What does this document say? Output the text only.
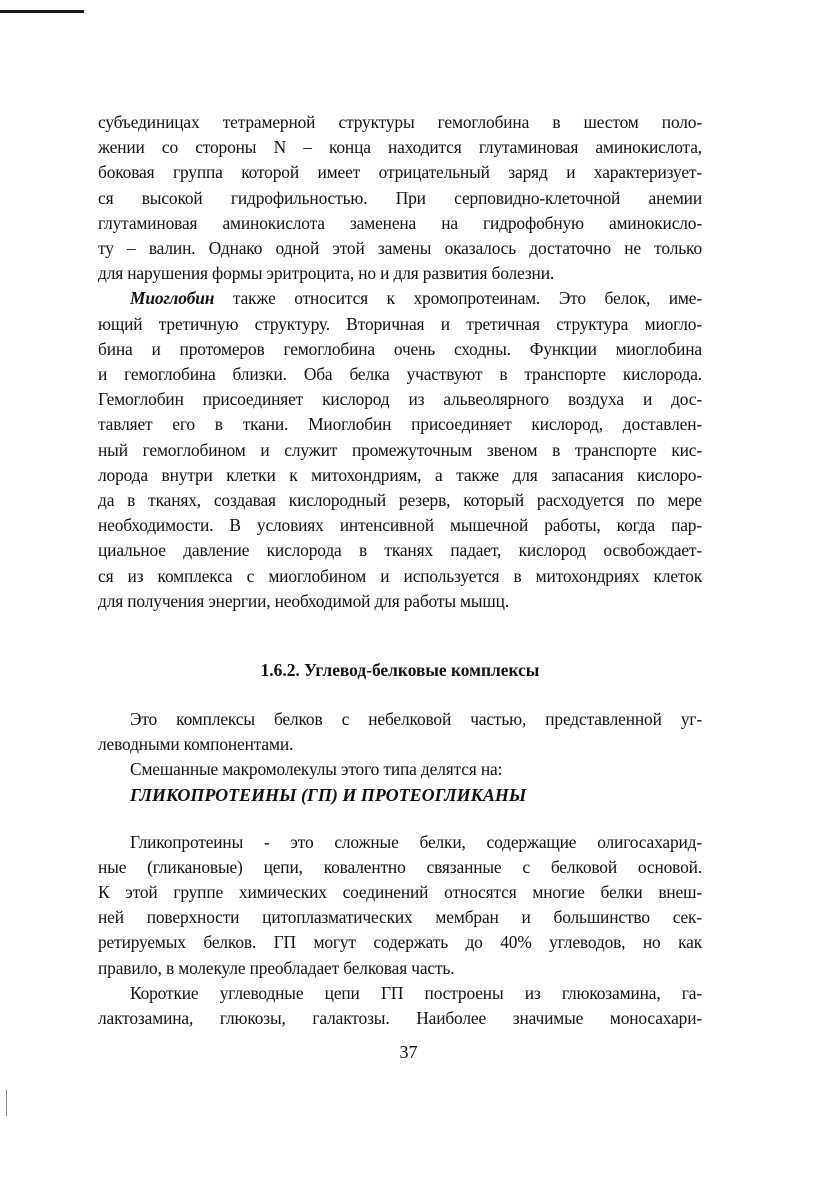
субъединицах тетрамерной структуры гемоглобина в шестом поло-
жении со стороны N – конца находится глутаминовая аминокислота,
боковая группа которой имеет отрицательный заряд и характеризует-
ся высокой гидрофильностью. При серповидно-клеточной анемии
глутаминовая аминокислота заменена на гидрофобную аминокисло-
ту – валин. Однако одной этой замены оказалось достаточно не только
для нарушения формы эритроцита, но и для развития болезни.
Миоглобин также относится к хромопротеинам. Это белок, име-
ющий третичную структуру. Вторичная и третичная структура миогло-
бина и протомеров гемоглобина очень сходны. Функции миоглобина
и гемоглобина близки. Оба белка участвуют в транспорте кислорода.
Гемоглобин присоединяет кислород из альвеолярного воздуха и дос-
тавляет его в ткани. Миоглобин присоединяет кислород, доставлен-
ный гемоглобином и служит промежуточным звеном в транспорте кис-
лорода внутри клетки к митохондриям, а также для запасания кислоро-
да в тканях, создавая кислородный резерв, который расходуется по мере
необходимости. В условиях интенсивной мышечной работы, когда пар-
циальное давление кислорода в тканях падает, кислород освобождает-
ся из комплекса с миоглобином и используется в митохондриях клеток
для получения энергии, необходимой для работы мышц.
1.6.2. Углевод-белковые комплексы
Это комплексы белков с небелковой частью, представленной уг-
леводными компонентами.
Смешанные макромолекулы этого типа делятся на:
ГЛИКОПРОТЕИНЫ (ГП) И ПРОТЕОГЛИКАНЫ
Гликопротеины - это сложные белки, содержащие олигосахарид-
ные (гликановые) цепи, ковалентно связанные с белковой основой.
К этой группе химических соединений относятся многие белки внеш-
ней поверхности цитоплазматических мембран и большинство сек-
ретируемых белков. ГП могут содержать до 40% углеводов, но как
правило, в молекуле преобладает белковая часть.
Короткие углеводные цепи ГП построены из глюкозамина, га-
лактозамина, глюкозы, галактозы. Наиболее значимые моносахари-
37
